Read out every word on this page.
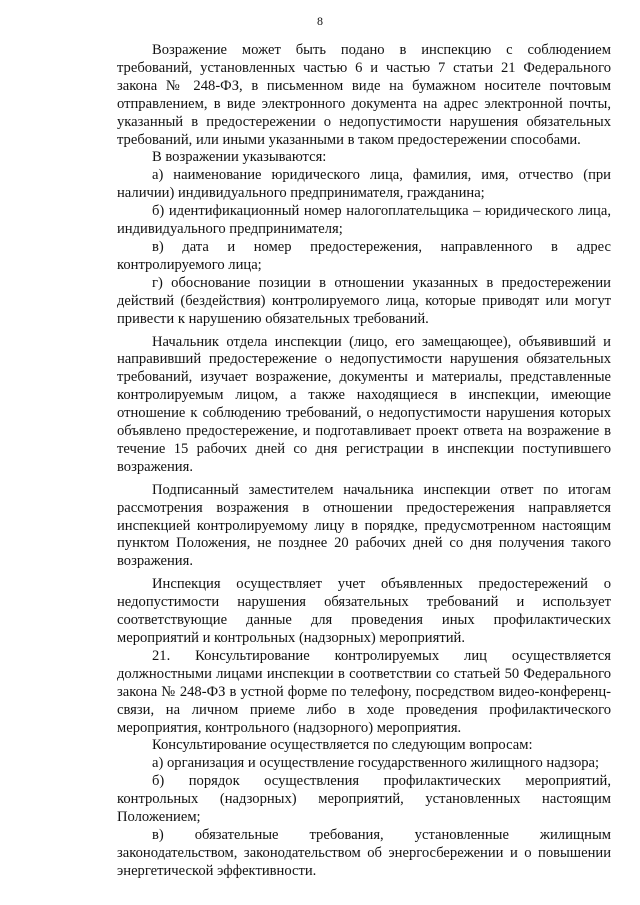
8

Возражение может быть подано в инспекцию с соблюдением требований, установленных частью 6 и частью 7 статьи 21 Федерального закона № 248-ФЗ, в письменном виде на бумажном носителе почтовым отправлением, в виде электронного документа на адрес электронной почты, указанный в предостережении о недопустимости нарушения обязательных требований, или иными указанными в таком предостережении способами.

В возражении указываются:

а) наименование юридического лица, фамилия, имя, отчество (при наличии) индивидуального предпринимателя, гражданина;

б) идентификационный номер налогоплательщика – юридического лица, индивидуального предпринимателя;

в) дата и номер предостережения, направленного в адрес контролируемого лица;

г) обоснование позиции в отношении указанных в предостережении действий (бездействия) контролируемого лица, которые приводят или могут привести к нарушению обязательных требований.

Начальник отдела инспекции (лицо, его замещающее), объявивший и направивший предостережение о недопустимости нарушения обязательных требований, изучает возражение, документы и материалы, представленные контролируемым лицом, а также находящиеся в инспекции, имеющие отношение к соблюдению требований, о недопустимости нарушения которых объявлено предостережение, и подготавливает проект ответа на возражение в течение 15 рабочих дней со дня регистрации в инспекции поступившего возражения.

Подписанный заместителем начальника инспекции ответ по итогам рассмотрения возражения в отношении предостережения направляется инспекцией контролируемому лицу в порядке, предусмотренном настоящим пунктом Положения, не позднее 20 рабочих дней со дня получения такого возражения.

Инспекция осуществляет учет объявленных предостережений о недопустимости нарушения обязательных требований и использует соответствующие данные для проведения иных профилактических мероприятий и контрольных (надзорных) мероприятий.

21. Консультирование контролируемых лиц осуществляется должностными лицами инспекции в соответствии со статьей 50 Федерального закона № 248-ФЗ в устной форме по телефону, посредством видео-конференц-связи, на личном приеме либо в ходе проведения профилактического мероприятия, контрольного (надзорного) мероприятия.

Консультирование осуществляется по следующим вопросам:

а) организация и осуществление государственного жилищного надзора;

б) порядок осуществления профилактических мероприятий, контрольных (надзорных) мероприятий, установленных настоящим Положением;

в) обязательные требования, установленные жилищным законодательством, законодательством об энергосбережении и о повышении энергетической эффективности.
